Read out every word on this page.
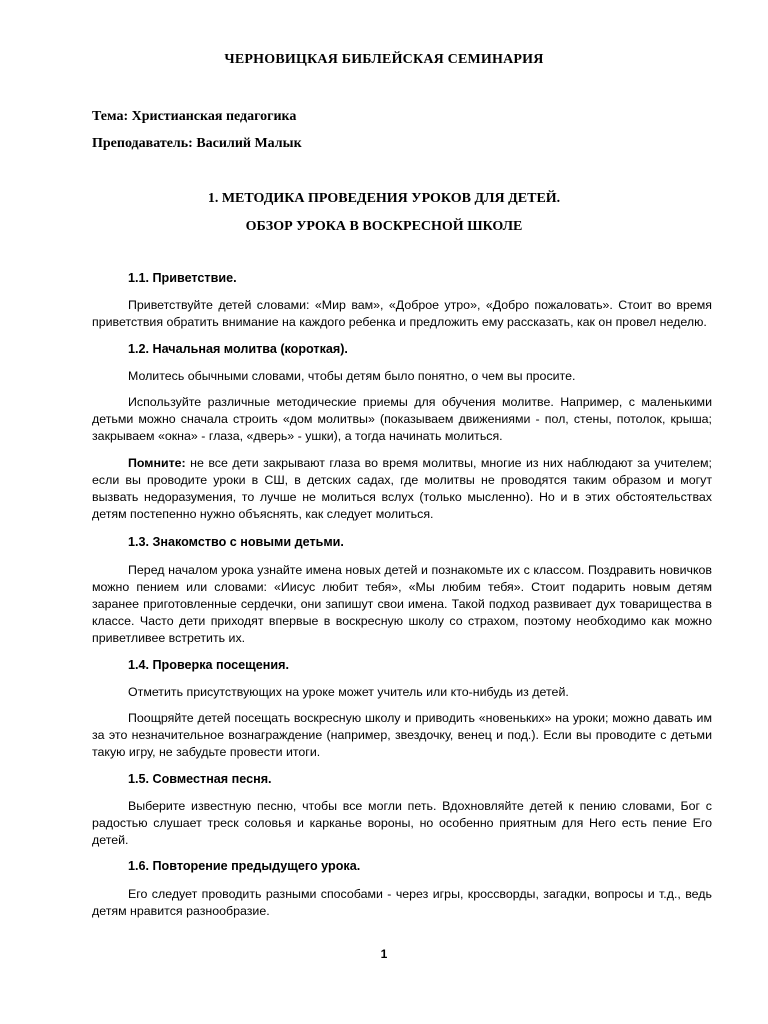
ЧЕРНОВИЦКАЯ БИБЛЕЙСКАЯ СЕМИНАРИЯ
Тема: Христианская педагогика
Преподаватель: Василий Малык
1. МЕТОДИКА ПРОВЕДЕНИЯ УРОКОВ ДЛЯ ДЕТЕЙ.
ОБЗОР УРОКА В ВОСКРЕСНОЙ ШКОЛЕ
1.1. Приветствие.

Приветствуйте детей словами: «Мир вам», «Доброе утро», «Добро пожаловать». Стоит во время приветствия обратить внимание на каждого ребенка и предложить ему рассказать, как он провел неделю.

1.2. Начальная молитва (короткая).

Молитесь обычными словами, чтобы детям было понятно, о чем вы просите.

Используйте различные методические приемы для обучения молитве. Например, с маленькими детьми можно сначала строить «дом молитвы» (показываем движениями - пол, стены, потолок, крыша; закрываем «окна» - глаза, «дверь» - ушки), а тогда начинать молиться.

Помните: не все дети закрывают глаза во время молитвы, многие из них наблюдают за учителем; если вы проводите уроки в СШ, в детских садах, где молитвы не проводятся таким образом и могут вызвать недоразумения, то лучше не молиться вслух (только мысленно). Но и в этих обстоятельствах детям постепенно нужно объяснять, как следует молиться.

1.3. Знакомство с новыми детьми.

Перед началом урока узнайте имена новых детей и познакомьте их с классом. Поздравить новичков можно пением или словами: «Иисус любит тебя», «Мы любим тебя». Стоит подарить новым детям заранее приготовленные сердечки, они запишут свои имена. Такой подход развивает дух товарищества в классе. Часто дети приходят впервые в воскресную школу со страхом, поэтому необходимо как можно приветливее встретить их.

1.4. Проверка посещения.

Отметить присутствующих на уроке может учитель или кто-нибудь из детей.

Поощряйте детей посещать воскресную школу и приводить «новеньких» на уроки; можно давать им за это незначительное вознаграждение (например, звездочку, венец и под.). Если вы проводите с детьми такую игру, не забудьте провести итоги.

1.5. Совместная песня.

Выберите известную песню, чтобы все могли петь. Вдохновляйте детей к пению словами, Бог с радостью слушает треск соловья и карканье вороны, но особенно приятным для Него есть пение Его детей.

1.6. Повторение предыдущего урока.

Его следует проводить разными способами - через игры, кроссворды, загадки, вопросы и т.д., ведь детям нравится разнообразие.

1
